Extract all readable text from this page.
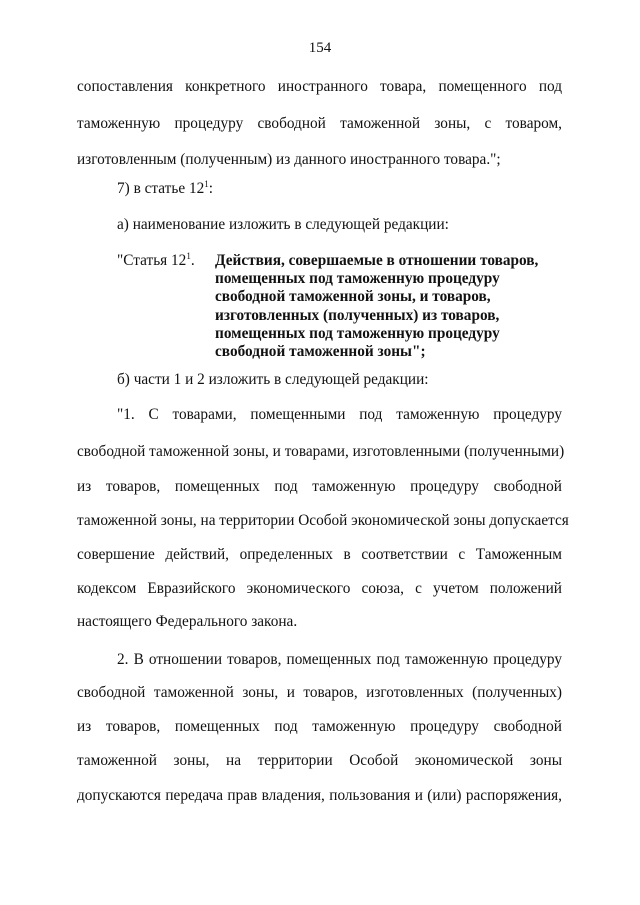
154
сопоставления конкретного иностранного товара, помещенного под
таможенную процедуру свободной таможенной зоны, с товаром,
изготовленным (полученным) из данного иностранного товара.";
7) в статье $12^1$:
а) наименование изложить в следующей редакции:
"Статья $12^1$. Действия, совершаемые в отношении товаров,
помещенных под таможенную процедуру
свободной таможенной зоны, и товаров,
изготовленных (полученных) из товаров,
помещенных под таможенную процедуру
свободной таможенной зоны";
б) части 1 и 2 изложить в следующей редакции:
"1. С товарами, помещенными под таможенную процедуру
свободной таможенной зоны, и товарами, изготовленными (полученными)
из товаров, помещенных под таможенную процедуру свободной
таможенной зоны, на территории Особой экономической зоны допускается
совершение действий, определенных в соответствии с Таможенным
кодексом Евразийского экономического союза, с учетом положений
настоящего Федерального закона.
2. В отношении товаров, помещенных под таможенную процедуру
свободной таможенной зоны, и товаров, изготовленных (полученных)
из товаров, помещенных под таможенную процедуру свободной
таможенной зоны, на территории Особой экономической зоны
допускаются передача прав владения, пользования и (или) распоряжения,
